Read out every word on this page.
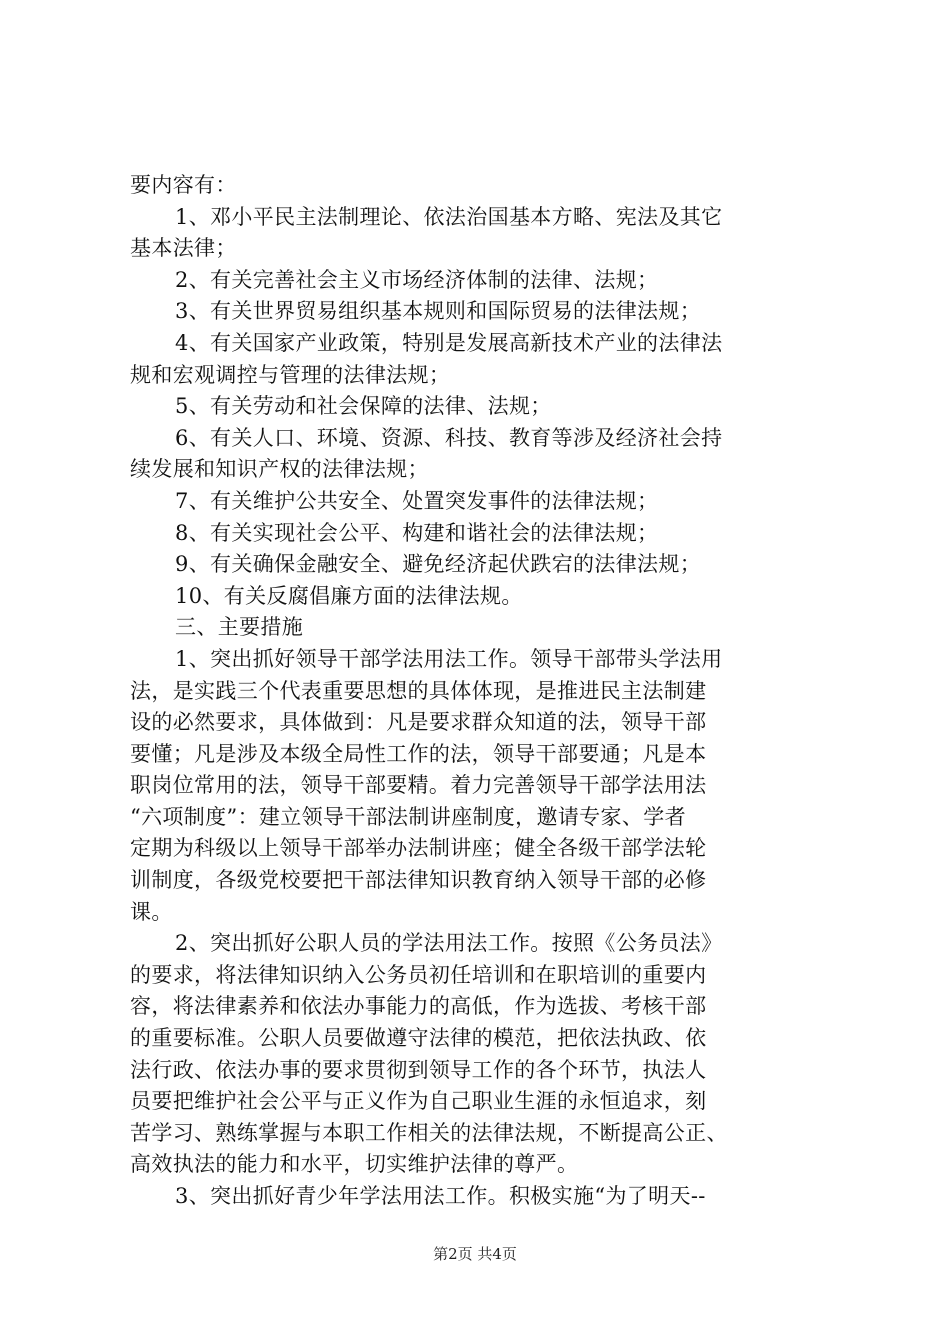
要内容有：
1、邓小平民主法制理论、依法治国基本方略、宪法及其它
基本法律；
2、有关完善社会主义市场经济体制的法律、法规；
3、有关世界贸易组织基本规则和国际贸易的法律法规；
4、有关国家产业政策，特别是发展高新技术产业的法律法
规和宏观调控与管理的法律法规；
5、有关劳动和社会保障的法律、法规；
6、有关人口、环境、资源、科技、教育等涉及经济社会持
续发展和知识产权的法律法规；
7、有关维护公共安全、处置突发事件的法律法规；
8、有关实现社会公平、构建和谐社会的法律法规；
9、有关确保金融安全、避免经济起伏跌宕的法律法规；
10、有关反腐倡廉方面的法律法规。
三、主要措施
1、突出抓好领导干部学法用法工作。领导干部带头学法用
法，是实践三个代表重要思想的具体体现，是推进民主法制建
设的必然要求，具体做到：凡是要求群众知道的法，领导干部
要懂；凡是涉及本级全局性工作的法，领导干部要通；凡是本
职岗位常用的法，领导干部要精。着力完善领导干部学法用法
“六项制度”：建立领导干部法制讲座制度，邀请专家、学者
定期为科级以上领导干部举办法制讲座；健全各级干部学法轮
训制度，各级党校要把干部法律知识教育纳入领导干部的必修
课。
2、突出抓好公职人员的学法用法工作。按照《公务员法》
的要求，将法律知识纳入公务员初任培训和在职培训的重要内
容，将法律素养和依法办事能力的高低，作为选拔、考核干部
的重要标准。公职人员要做遵守法律的模范，把依法执政、依
法行政、依法办事的要求贯彻到领导工作的各个环节，执法人
员要把维护社会公平与正义作为自己职业生涯的永恒追求，刻
苦学习、熟练掌握与本职工作相关的法律法规，不断提高公正、
高效执法的能力和水平，切实维护法律的尊严。
3、突出抓好青少年学法用法工作。积极实施“为了明天--
第2页 共4页
